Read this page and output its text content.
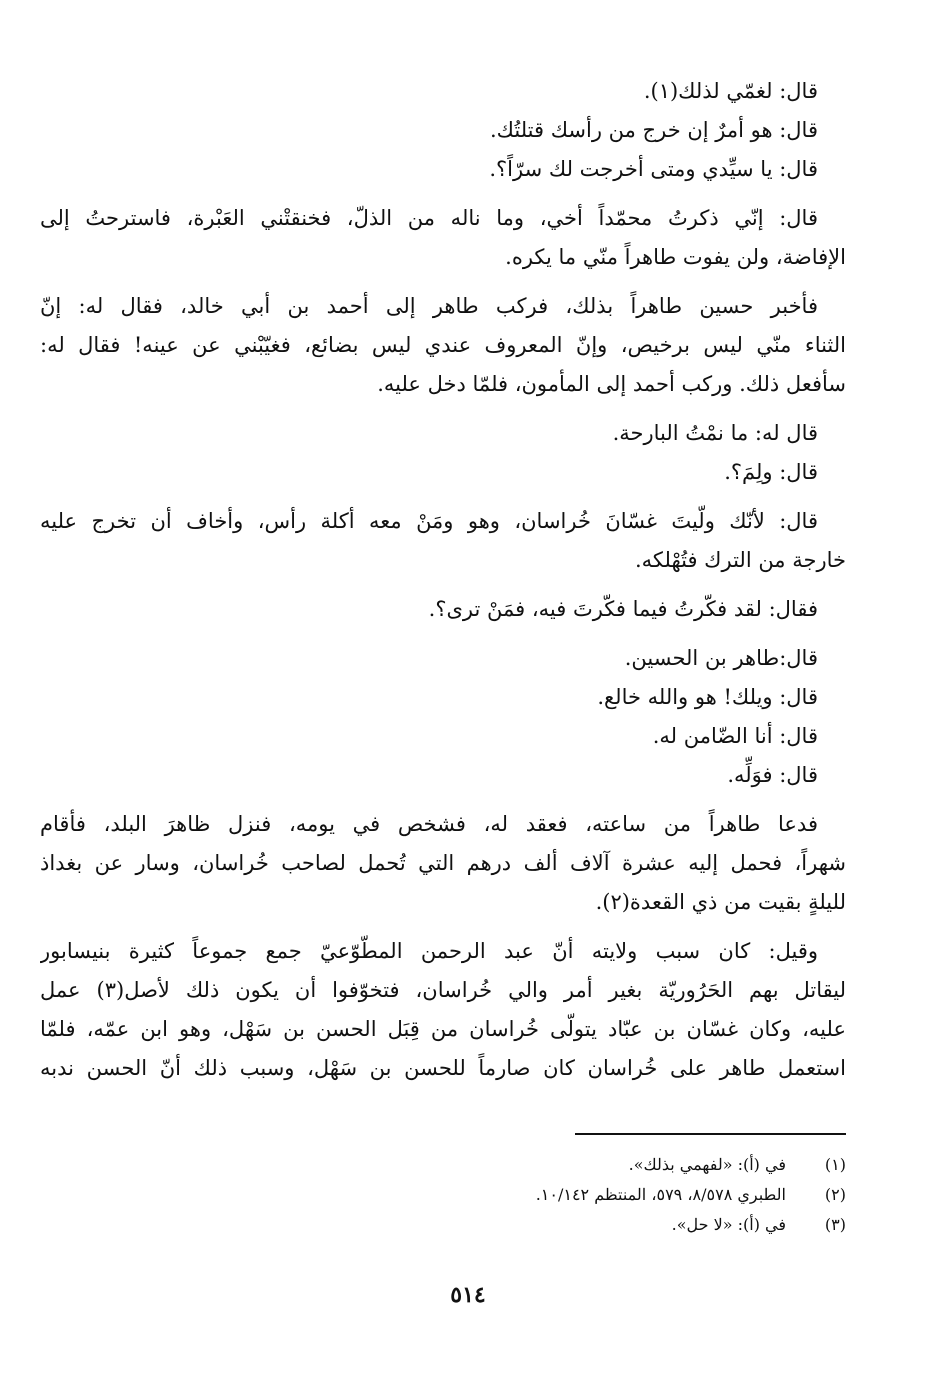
قال: لغمّي لذلك(١).
قال: هو أمرٌ إن خرج من رأسك قتلتُك.
قال: يا سيِّدي ومتى أخرجت لك سرّاً؟.
قال: إنّي ذكرتُ محمّداً أخي، وما ناله من الذلّ، فخنقتْني العَبْرة، فاسترحتُ إلى
الإفاضة، ولن يفوت طاهراً منّي ما يكره.
فأخبر حسين طاهراً بذلك، فركب طاهر إلى أحمد بن أبي خالد، فقال له: إنّ
الثناء منّي ليس برخيص، وإنّ المعروف عندي ليس بضائع، فغيّبْني عن عينه! فقال له:
سأفعل ذلك. وركب أحمد إلى المأمون، فلمّا دخل عليه.
قال له: ما نمْتُ البارحة.
قال: ولِمَ؟.
قال: لأنّك ولّيتَ غسّانَ خُراسان، وهو ومَنْ معه أكلة رأس، وأخاف أن تخرج عليه
خارجة من الترك فتُهْلكه.
فقال: لقد فكّرتُ فيما فكّرتَ فيه، فمَنْ ترى؟.
قال:طاهر بن الحسين.
قال: ويلك! هو والله خالع.
قال: أنا الضّامن له.
قال: فوَلِّه.
فدعا طاهراً من ساعته، فعقد له، فشخص في يومه، فنزل ظاهرَ البلد، فأقام
شهراً، فحمل إليه عشرة آلاف ألف درهم التي تُحمل لصاحب خُراسان، وسار عن بغداذ
لليلةٍ بقيت من ذي القعدة(٢).
وقيل: كان سبب ولايته أنّ عبد الرحمن المطّوّعيّ جمع جموعاً كثيرة بنيسابور
ليقاتل بهم الحَرُوريّة بغير أمر والي خُراسان، فتخوّفوا أن يكون ذلك لأصل(٣) عمل
عليه، وكان غسّان بن عبّاد يتولّى خُراسان من قِبَل الحسن بن سَهْل، وهو ابن عمّه، فلمّا
استعمل طاهر على خُراسان كان صارماً للحسن بن سَهْل، وسبب ذلك أنّ الحسن ندبه
(١)في (أ): «لفهمي بذلك».
(٢)الطبري ٨/٥٧٨، ٥٧٩، المنتظم ١٠/١٤٢.
(٣)في (أ): «لا حل».
٥١٤
